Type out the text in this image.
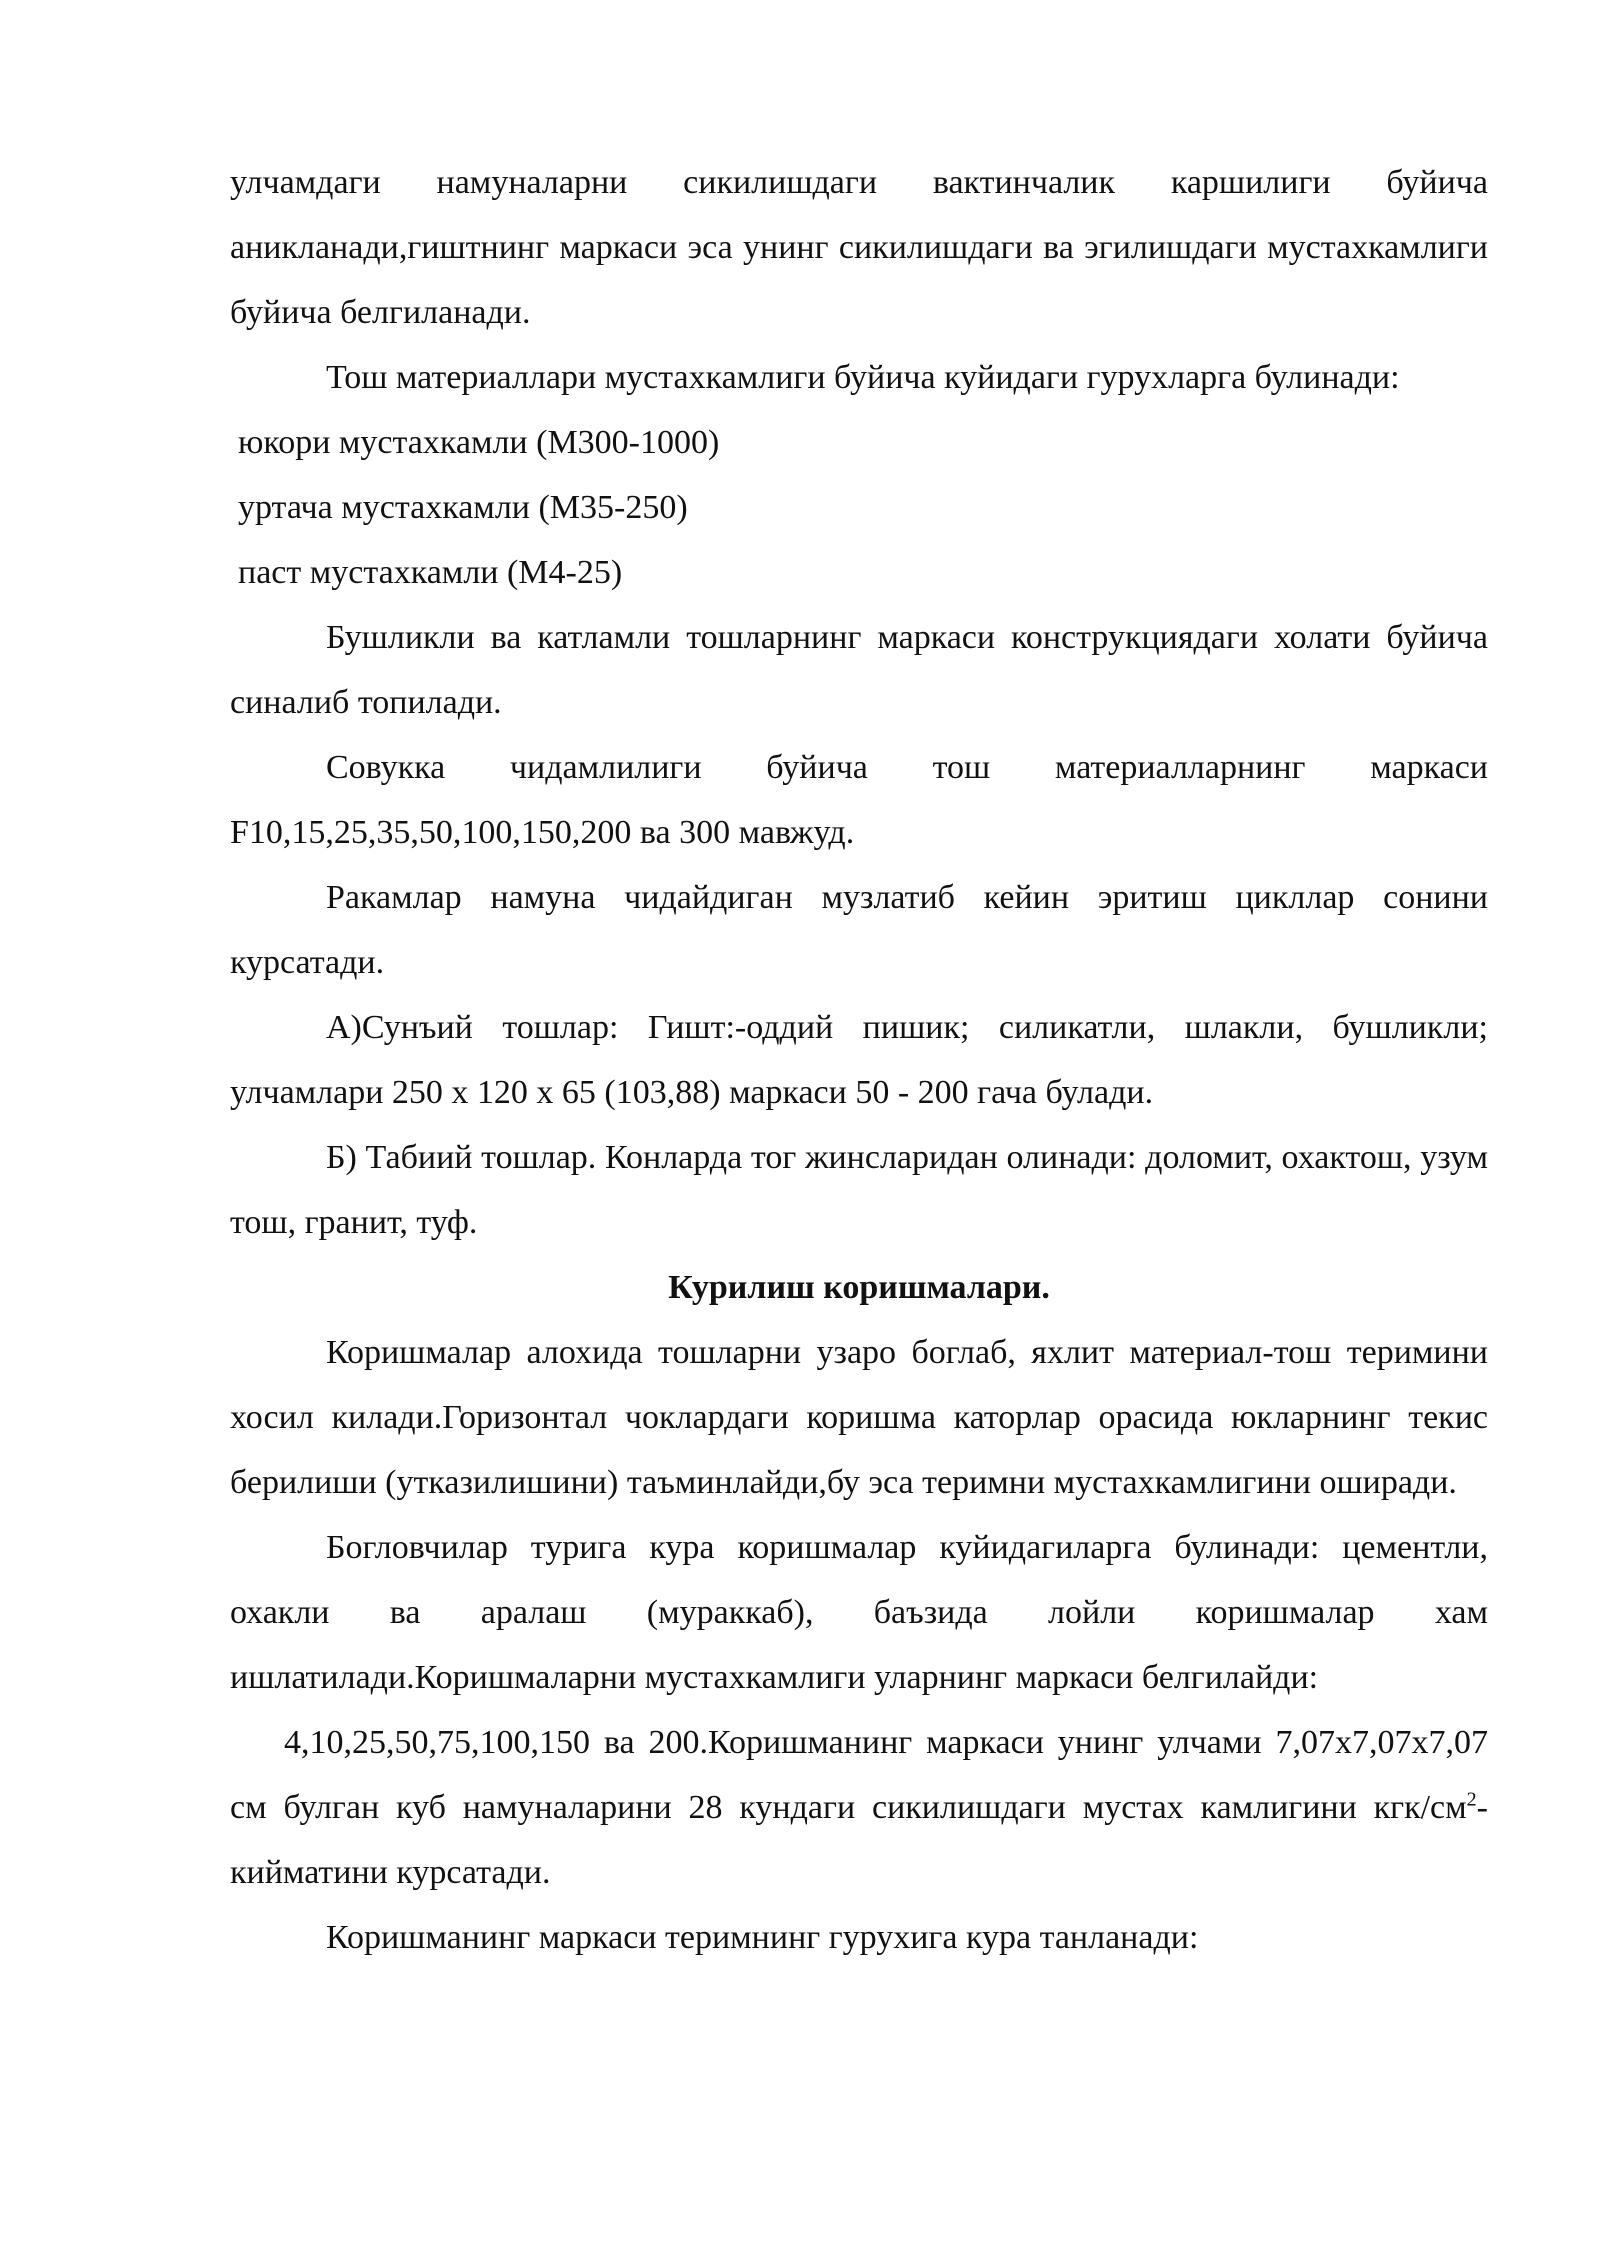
улчамдаги намуналарни сикилишдаги вактинчалик каршилиги буйича аникланади,гиштнинг маркаси эса унинг сикилишдаги ва эгилишдаги мустахкамлиги буйича белгиланади.

Тош материаллари мустахкамлиги буйича куйидаги гурухларга булинади:

юкори мустахкамли (М300-1000)

уртача мустахкамли (М35-250)

паст мустахкамли (М4-25)

Бушликли ва катламли тошларнинг маркаси конструкциядаги холати буйича синалиб топилади.

Совукка чидамлилиги буйича тош материалларнинг маркаси F10,15,25,35,50,100,150,200 ва 300 мавжуд.

Ракамлар намуна чидайдиган музлатиб кейин эритиш цикллар сонини курсатади.

А)Сунъий тошлар: Гишт:-оддий пишик; силикатли, шлакли, бушликли; улчамлари 250 х 120 х 65 (103,88) маркаси 50 - 200 гача булади.

Б) Табиий тошлар. Конларда тог жинсларидан олинади: доломит, охактош, узум тош, гранит, туф.

Курилиш коришмалари.

Коришмалар алохида тошларни узаро боглаб, яхлит материал-тош теримини хосил килади.Горизонтал чоклардаги коришма каторлар орасида юкларнинг текис берилиши (утказилишини) таъминлайди,бу эса теримни мустахкамлигини оширади.

Богловчилар турига кура коришмалар куйидагиларга булинади: цементли, охакли ва аралаш (мураккаб), баъзида лойли коришмалар хам ишлатилади.Коришмаларни мустахкамлиги уларнинг маркаси белгилайди:

4,10,25,50,75,100,150 ва 200.Коришманинг маркаси унинг улчами 7,07х7,07х7,07 см булган куб намуналарини 28 кундаги сикилишдаги мустах камлигини кгк/$см^2$-кийматини курсатади.

Коришманинг маркаси теримнинг гурухига кура танланади:
